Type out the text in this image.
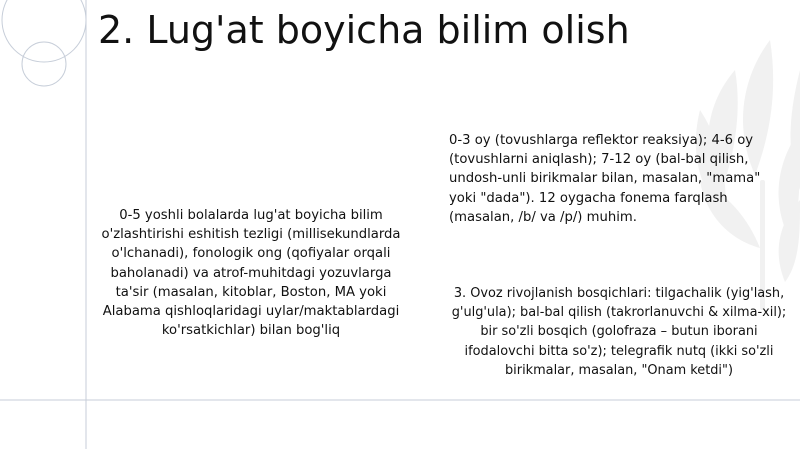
2. Lug'at boyicha bilim olish

0-5 yoshli bolalarda lug'at boyicha bilim o'zlashtirishi eshitish tezligi (millisekundlarda o'lchanadi), fonologik ong (qofiyalar orqali baholanadi) va atrof-muhitdagi yozuvlarga ta'sir (masalan, kitoblar, Boston, MA yoki Alabama qishloqlaridagi uylar/maktablardagi ko'rsatkichlar) bilan bog'liq

0-3 oy (tovushlarga reflektor reaksiya); 4-6 oy (tovushlarni aniqlash); 7-12 oy (bal-bal qilish, undosh-unli birikmalar bilan, masalan, "mama" yoki "dada"). 12 oygacha fonema farqlash (masalan, /b/ va /p/) muhim.

3. Ovoz rivojlanish bosqichlari: tilgachalik (yig'lash, g'ulg'ula); bal-bal qilish (takrorlanuvchi & xilma-xil); bir so'zli bosqich (golofraza – butun iborani ifodalovchi bitta so'z); telegrafik nutq (ikki so'zli birikmalar, masalan, "Onam ketdi")
